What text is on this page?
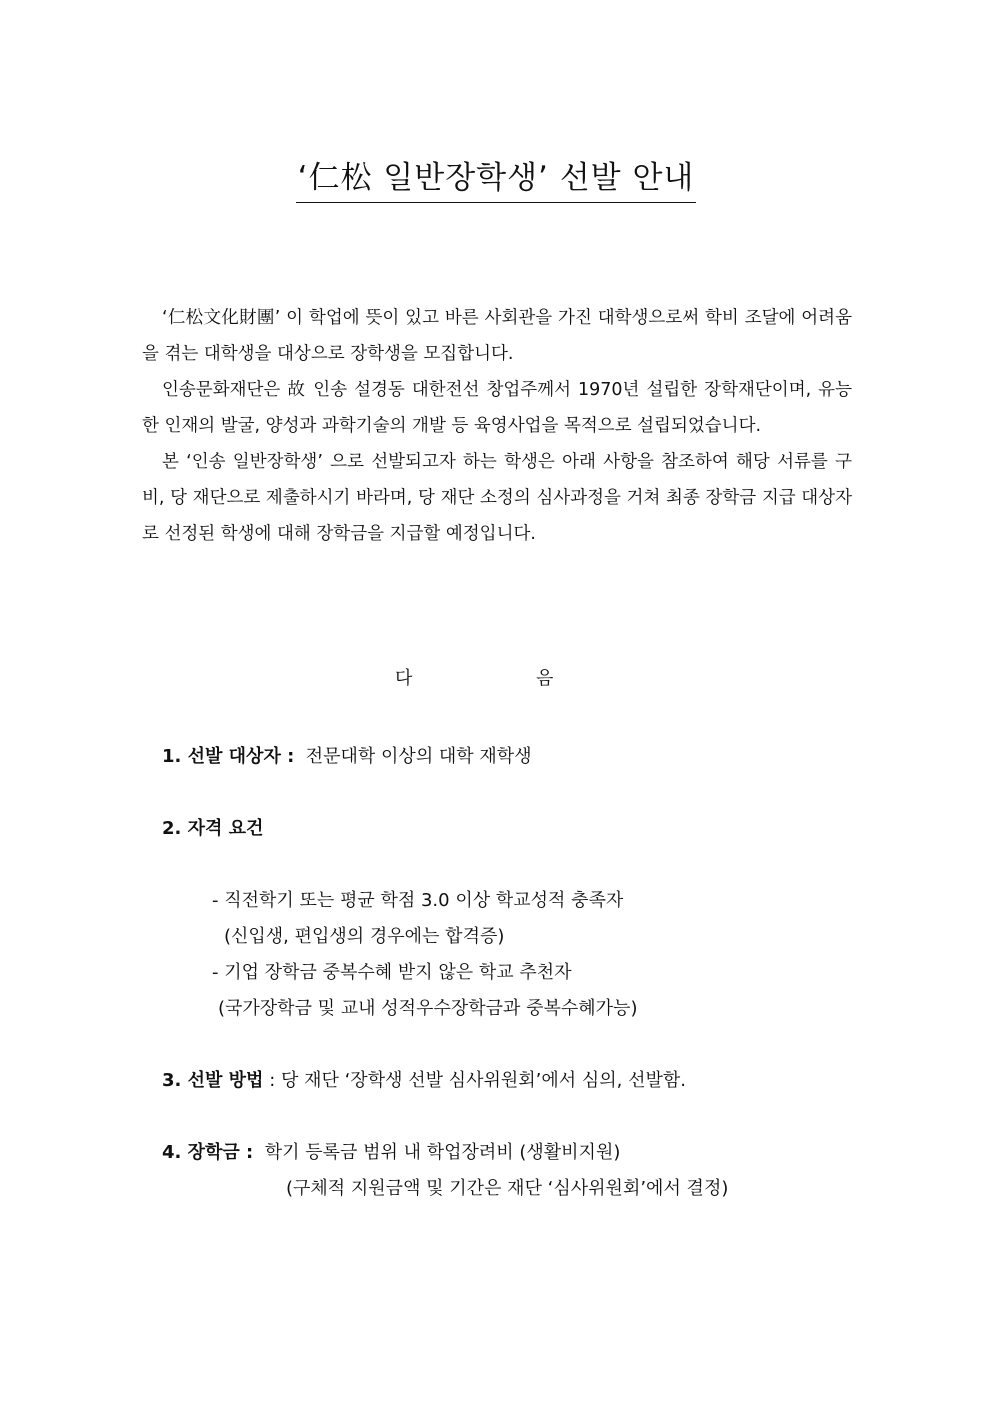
‘仁松 일반장학생’ 선발 안내

‘仁松文化財團’ 이 학업에 뜻이 있고 바른 사회관을 가진 대학생으로써 학비 조달에 어려움을 겪는 대학생을 대상으로 장학생을 모집합니다.

인송문화재단은 故 인송 설경동 대한전선 창업주께서 1970년 설립한 장학재단이며, 유능한 인재의 발굴, 양성과 과학기술의 개발 등 육영사업을 목적으로 설립되었습니다.

본 ‘인송 일반장학생’ 으로 선발되고자 하는 학생은 아래 사항을 참조하여 해당 서류를 구비, 당 재단으로 제출하시기 바라며, 당 재단 소정의 심사과정을 거쳐 최종 장학금 지급 대상자로 선정된 학생에 대해 장학금을 지급할 예정입니다.

다	음
1. 선발 대상자 : 전문대학 이상의 대학 재학생
2. 자격 요건
- 직전학기 또는 평균 학점 3.0 이상 학교성적 충족자
(신입생, 편입생의 경우에는 합격증)
- 기업 장학금 중복수혜 받지 않은 학교 추천자
(국가장학금 및 교내 성적우수장학금과 중복수혜가능)
3. 선발 방법 : 당 재단 ‘장학생 선발 심사위원회’에서 심의, 선발함.
4. 장학금 : 학기 등록금 범위 내 학업장려비 (생활비지원)
(구체적 지원금액 및 기간은 재단 ‘심사위원회’에서 결정)
